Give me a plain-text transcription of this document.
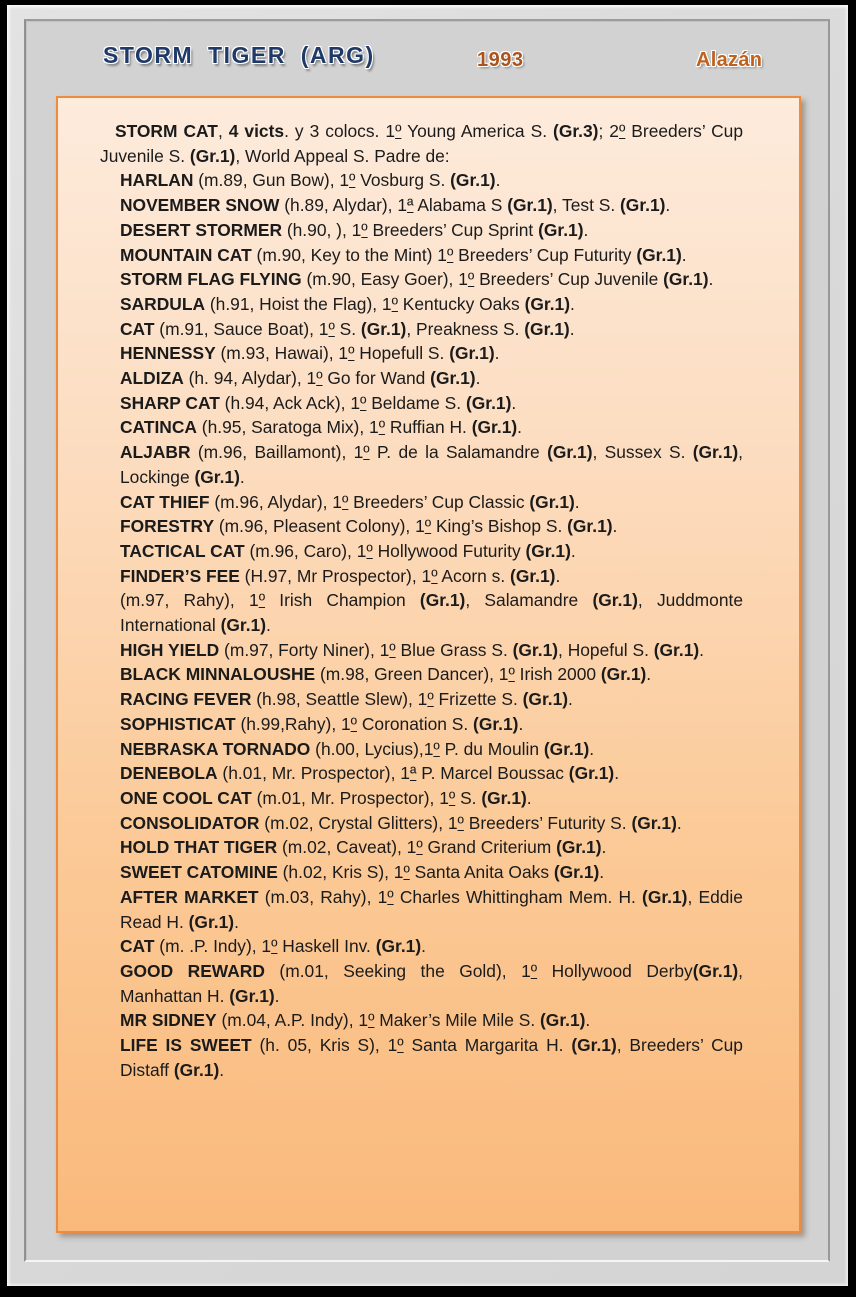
STORM TIGER (ARG)	1993	Alazán

STORM CAT, 4 victs. y 3 colocs. 1º Young America S. (Gr.3); 2º Breeders’ Cup Juvenile S. (Gr.1), World Appeal S. Padre de:

HARLAN (m.89, Gun Bow), 1º Vosburg S. (Gr.1).

NOVEMBER SNOW (h.89, Alydar), 1ª Alabama S (Gr.1), Test S. (Gr.1).

DESERT STORMER (h.90, ), 1º Breeders’ Cup Sprint (Gr.1).

MOUNTAIN CAT (m.90, Key to the Mint) 1º Breeders’ Cup Futurity (Gr.1).

STORM FLAG FLYING (m.90, Easy Goer), 1º Breeders’ Cup Juvenile (Gr.1).

SARDULA (h.91, Hoist the Flag), 1º Kentucky Oaks (Gr.1).

CAT (m.91, Sauce Boat), 1º S. (Gr.1), Preakness S. (Gr.1).

HENNESSY (m.93, Hawai), 1º Hopefull S. (Gr.1).

ALDIZA (h. 94, Alydar), 1º Go for Wand (Gr.1).

SHARP CAT (h.94, Ack Ack), 1º Beldame S. (Gr.1).

CATINCA (h.95, Saratoga Mix), 1º Ruffian H. (Gr.1).

ALJABR (m.96, Baillamont), 1º P. de la Salamandre (Gr.1), Sussex S. (Gr.1), Lockinge (Gr.1).

CAT THIEF (m.96, Alydar), 1º Breeders’ Cup Classic (Gr.1).

FORESTRY (m.96, Pleasent Colony), 1º King’s Bishop S. (Gr.1).

TACTICAL CAT (m.96, Caro), 1º Hollywood Futurity (Gr.1).

FINDER’S FEE (H.97, Mr Prospector), 1º Acorn s. (Gr.1).

(m.97, Rahy), 1º Irish Champion (Gr.1), Salamandre (Gr.1), Juddmonte International (Gr.1).

HIGH YIELD (m.97, Forty Niner), 1º Blue Grass S. (Gr.1), Hopeful S. (Gr.1).

BLACK MINNALOUSHE (m.98, Green Dancer), 1º Irish 2000 (Gr.1).

RACING FEVER (h.98, Seattle Slew), 1º Frizette S. (Gr.1).

SOPHISTICAT (h.99,Rahy), 1º Coronation S. (Gr.1).

NEBRASKA TORNADO (h.00, Lycius),1º P. du Moulin (Gr.1).

DENEBOLA (h.01, Mr. Prospector), 1ª P. Marcel Boussac (Gr.1).

ONE COOL CAT (m.01, Mr. Prospector), 1º S. (Gr.1).

CONSOLIDATOR (m.02, Crystal Glitters), 1º Breeders’ Futurity S. (Gr.1).

HOLD THAT TIGER (m.02, Caveat), 1º Grand Criterium (Gr.1).

SWEET CATOMINE (h.02, Kris S), 1º Santa Anita Oaks (Gr.1).

AFTER MARKET (m.03, Rahy), 1º Charles Whittingham Mem. H. (Gr.1), Eddie Read H. (Gr.1).

CAT (m. .P. Indy), 1º Haskell Inv. (Gr.1).

GOOD REWARD (m.01, Seeking the Gold), 1º Hollywood Derby(Gr.1), Manhattan H. (Gr.1).

MR SIDNEY (m.04, A.P. Indy), 1º Maker’s Mile Mile S. (Gr.1).

LIFE IS SWEET (h. 05, Kris S), 1º Santa Margarita H. (Gr.1), Breeders’ Cup Distaff (Gr.1).
